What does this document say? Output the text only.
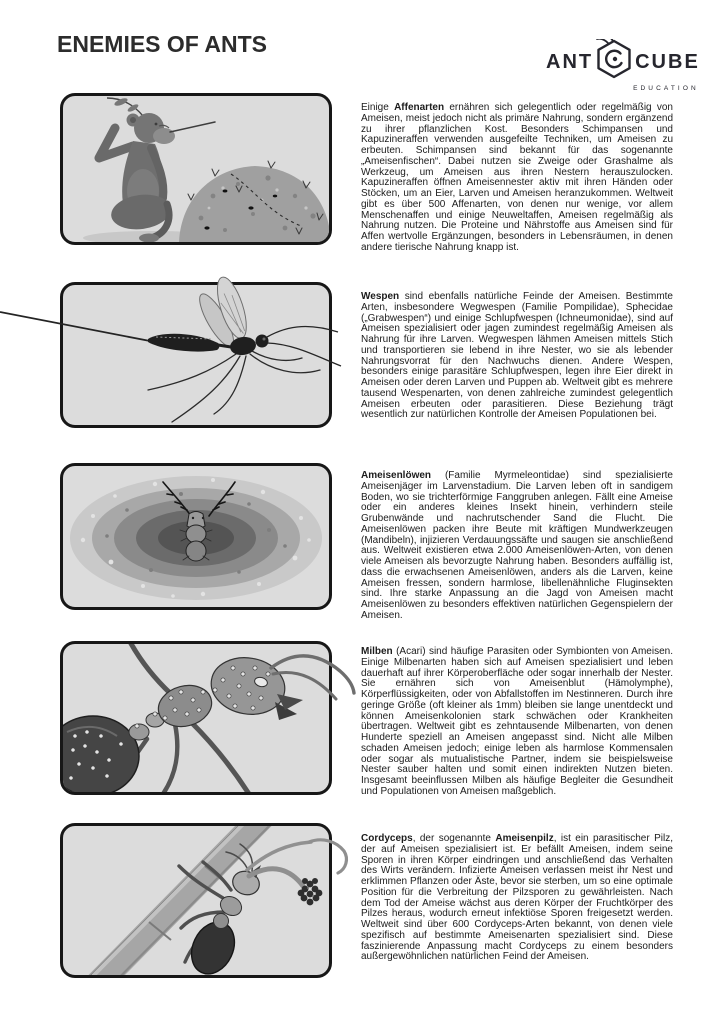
ENEMIES OF ANTS
ANT CUBE
EDUCATION

Einige Affenarten ernähren sich gelegentlich oder regelmäßig von Ameisen, meist jedoch nicht als primäre Nahrung, sondern ergänzend zu ihrer pflanzlichen Kost. Besonders Schimpansen und Kapuzineraffen verwenden ausgefeilte Techniken, um Ameisen zu erbeuten. Schimpansen sind bekannt für das sogenannte „Ameisenfischen“. Dabei nutzen sie Zweige oder Grashalme als Werkzeug, um Ameisen aus ihren Nestern herauszulocken. Kapuzineraffen öffnen Ameisennester aktiv mit ihren Händen oder Stöcken, um an Eier, Larven und Ameisen heranzukommen. Weltweit gibt es über 500 Affenarten, von denen nur wenige, vor allem Menschenaffen und einige Neuweltaffen, Ameisen regelmäßig als Nahrung nutzen. Die Proteine und Nährstoffe aus Ameisen sind für Affen wertvolle Ergänzungen, besonders in Lebensräumen, in denen andere tierische Nahrung knapp ist.

Wespen sind ebenfalls natürliche Feinde der Ameisen. Bestimmte Arten, insbesondere Wegwespen (Familie Pompilidae), Sphecidae („Grabwespen“) und einige Schlupfwespen (Ichneumonidae), sind auf Ameisen spezialisiert oder jagen zumindest regelmäßig Ameisen als Nahrung für ihre Larven. Wegwespen lähmen Ameisen mittels Stich und transportieren sie lebend in ihre Nester, wo sie als lebender Nahrungsvorrat für den Nachwuchs dienen. Andere Wespen, besonders einige parasitäre Schlupfwespen, legen ihre Eier direkt in Ameisen oder deren Larven und Puppen ab. Weltweit gibt es mehrere tausend Wespenarten, von denen zahlreiche zumindest gelegentlich Ameisen erbeuten oder parasitieren. Diese Beziehung trägt wesentlich zur natürlichen Kontrolle der Ameisen Populationen bei.

Ameisenlöwen (Familie Myrmeleontidae) sind spezialisierte Ameisenjäger im Larvenstadium. Die Larven leben oft in sandigem Boden, wo sie trichterförmige Fanggruben anlegen. Fällt eine Ameise oder ein anderes kleines Insekt hinein, verhindern steile Grubenwände und nachrutschender Sand die Flucht. Die Ameisenlöwen packen ihre Beute mit kräftigen Mundwerkzeugen (Mandibeln), injizieren Verdauungssäfte und saugen sie anschließend aus. Weltweit existieren etwa 2.000 Ameisenlöwen-Arten, von denen viele Ameisen als bevorzugte Nahrung haben. Besonders auffällig ist, dass die erwachsenen Ameisenlöwen, anders als die Larven, keine Ameisen fressen, sondern harmlose, libellenähnliche Fluginsekten sind. Ihre starke Anpassung an die Jagd von Ameisen macht Ameisenlöwen zu besonders effektiven natürlichen Gegenspielern der Ameisen.

Milben (Acari) sind häufige Parasiten oder Symbionten von Ameisen. Einige Milbenarten haben sich auf Ameisen spezialisiert und leben dauerhaft auf ihrer Körperoberfläche oder sogar innerhalb der Nester. Sie ernähren sich von Ameisenblut (Hämolymphe), Körperflüssigkeiten, oder von Abfallstoffen im Nestinneren. Durch ihre geringe Größe (oft kleiner als 1mm) bleiben sie lange unentdeckt und können Ameisenkolonien stark schwächen oder Krankheiten übertragen. Weltweit gibt es zehntausende Milbenarten, von denen Hunderte speziell an Ameisen angepasst sind. Nicht alle Milben schaden Ameisen jedoch; einige leben als harmlose Kommensalen oder sogar als mutualistische Partner, indem sie beispielsweise Nester sauber halten und somit einen indirekten Nutzen bieten. Insgesamt beeinflussen Milben als häufige Begleiter die Gesundheit und Populationen von Ameisen maßgeblich.

Cordyceps, der sogenannte Ameisenpilz, ist ein parasitischer Pilz, der auf Ameisen spezialisiert ist. Er befällt Ameisen, indem seine Sporen in ihren Körper eindringen und anschließend das Verhalten des Wirts verändern. Infizierte Ameisen verlassen meist ihr Nest und erklimmen Pflanzen oder Äste, bevor sie sterben, um so eine optimale Position für die Verbreitung der Pilzsporen zu gewährleisten. Nach dem Tod der Ameise wächst aus deren Körper der Fruchtkörper des Pilzes heraus, wodurch erneut infektiöse Sporen freigesetzt werden. Weltweit sind über 600 Cordyceps-Arten bekannt, von denen viele spezifisch auf bestimmte Ameisenarten spezialisiert sind. Diese faszinierende Anpassung macht Cordyceps zu einem besonders außergewöhnlichen natürlichen Feind der Ameisen.
